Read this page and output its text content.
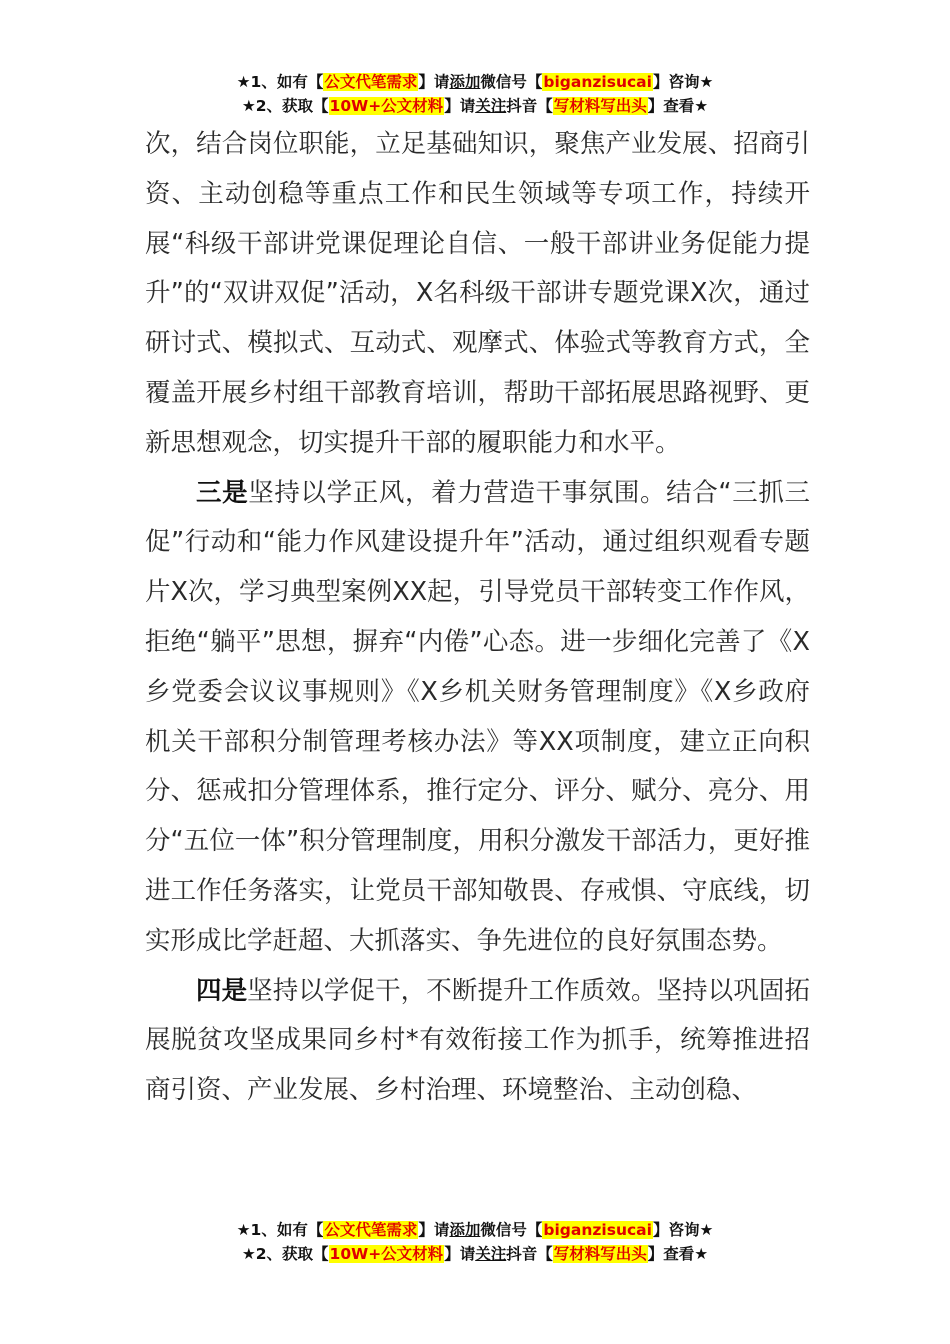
★1、如有【公文代笔需求】请添加微信号【biganzisucai】咨询★
★2、获取【10W+公文材料】请关注抖音【写材料写出头】查看★

次，结合岗位职能，立足基础知识，聚焦产业发展、招商引资、主动创稳等重点工作和民生领域等专项工作，持续开展“科级干部讲党课促理论自信、一般干部讲业务促能力提升”的“双讲双促”活动，X名科级干部讲专题党课X次，通过研讨式、模拟式、互动式、观摩式、体验式等教育方式，全覆盖开展乡村组干部教育培训，帮助干部拓展思路视野、更新思想观念，切实提升干部的履职能力和水平。

三是坚持以学正风，着力营造干事氛围。结合“三抓三促”行动和“能力作风建设提升年”活动，通过组织观看专题片X次，学习典型案例XX起，引导党员干部转变工作作风，拒绝“躺平”思想，摒弃“内倦”心态。进一步细化完善了《X乡党委会议议事规则》《X乡机关财务管理制度》《X乡政府机关干部积分制管理考核办法》等XX项制度，建立正向积分、惩戒扣分管理体系，推行定分、评分、赋分、亮分、用分“五位一体”积分管理制度，用积分激发干部活力，更好推进工作任务落实，让党员干部知敬畏、存戒惧、守底线，切实形成比学赶超、大抓落实、争先进位的良好氛围态势。

四是坚持以学促干，不断提升工作质效。坚持以巩固拓展脱贫攻坚成果同乡村*有效衔接工作为抓手，统筹推进招商引资、产业发展、乡村治理、环境整治、主动创稳、

★1、如有【公文代笔需求】请添加微信号【biganzisucai】咨询★
★2、获取【10W+公文材料】请关注抖音【写材料写出头】查看★
